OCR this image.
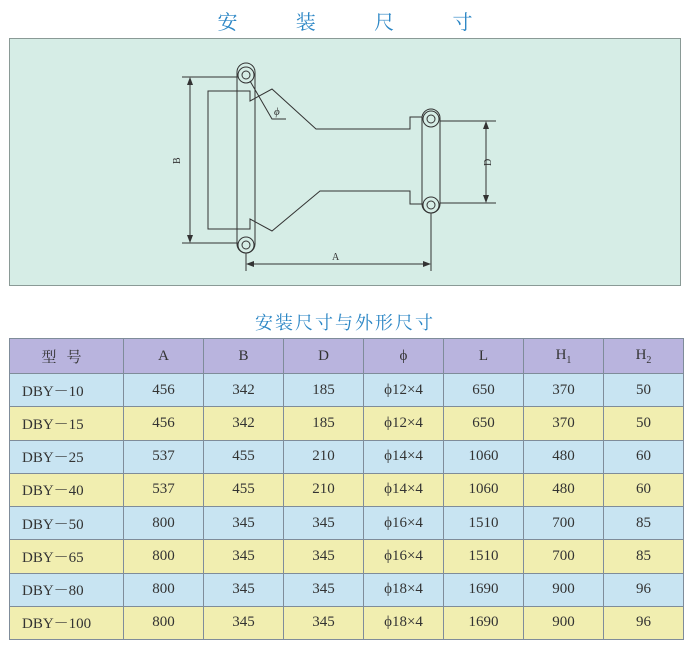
安 装 尺 寸
B	D
A
ϕ
安装尺寸与外形尺寸
型号	A	B	D	ϕ	L	$H_1$	$H_2$
DBY－10	456	342	185	ϕ12×4	650	370	50
DBY－15	456	342	185	ϕ12×4	650	370	50
DBY－25	537	455	210	ϕ14×4	1060	480	60
DBY－40	537	455	210	ϕ14×4	1060	480	60
DBY－50	800	345	345	ϕ16×4	1510	700	85
DBY－65	800	345	345	ϕ16×4	1510	700	85
DBY－80	800	345	345	ϕ18×4	1690	900	96
DBY－100	800	345	345	ϕ18×4	1690	900	96
